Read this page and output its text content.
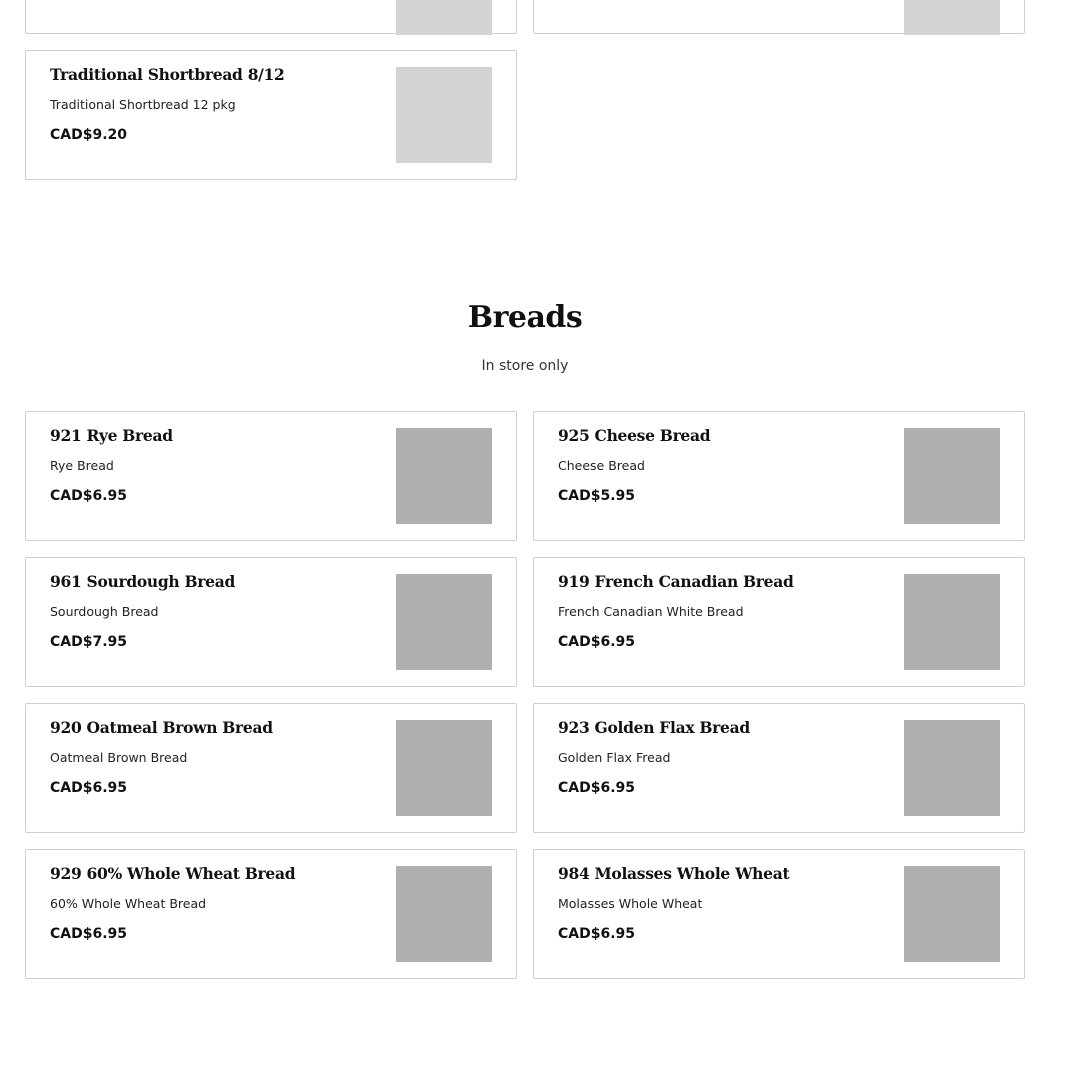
Traditional Shortbread 8/12
Traditional Shortbread 12 pkg
CAD$9.20
Breads
In store only
921 Rye Bread
Rye Bread
CAD$6.95
925 Cheese Bread
Cheese Bread
CAD$5.95
961 Sourdough Bread
Sourdough Bread
CAD$7.95
919 French Canadian Bread
French Canadian White Bread
CAD$6.95
920 Oatmeal Brown Bread
Oatmeal Brown Bread
CAD$6.95
923 Golden Flax Bread
Golden Flax Fread
CAD$6.95
929 60% Whole Wheat Bread
60% Whole Wheat Bread
CAD$6.95
984 Molasses Whole Wheat
Molasses Whole Wheat
CAD$6.95
